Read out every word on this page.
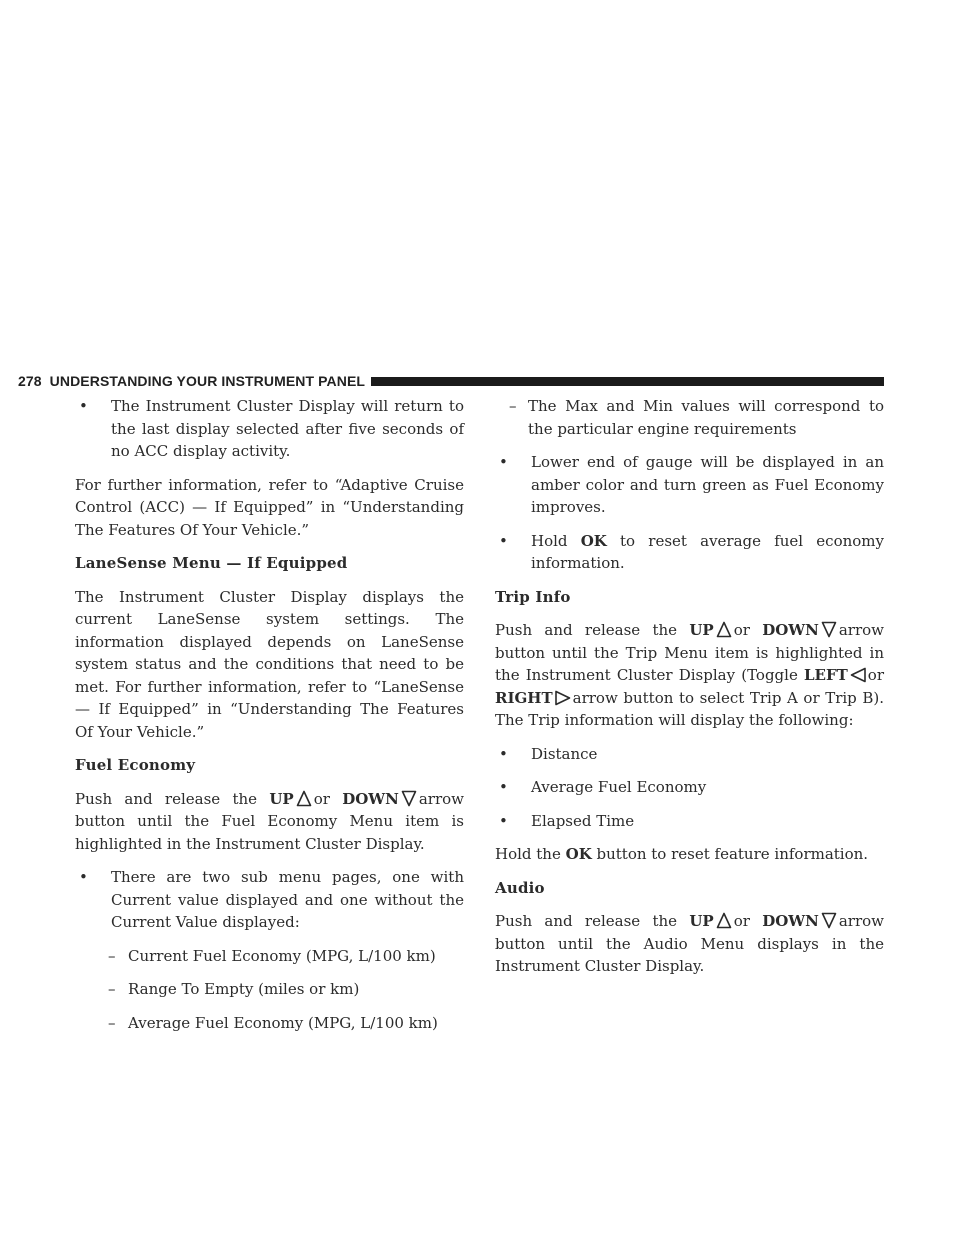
278 UNDERSTANDING YOUR INSTRUMENT PANEL
•	The Instrument Cluster Display will return to the last display selected after five seconds of no ACC display activity.

For further information, refer to “Adaptive Cruise Control (ACC) — If Equipped” in “Understanding The Features Of Your Vehicle.”

LaneSense Menu — If Equipped

The Instrument Cluster Display displays the current LaneSense system settings. The information displayed depends on LaneSense system status and the conditions that need to be met. For further information, refer to “LaneSense — If Equipped” in “Understanding The Features Of Your Vehicle.”

Fuel Economy

Push and release the UP or DOWN arrow button until the Fuel Economy Menu item is highlighted in the Instrument Cluster Display.

•	There are two sub menu pages, one with Current value displayed and one without the Current Value displayed:
– Current Fuel Economy (MPG, L/100 km)
– Range To Empty (miles or km)
– Average Fuel Economy (MPG, L/100 km)
– The Max and Min values will correspond to the particular engine requirements
•	Lower end of gauge will be displayed in an amber color and turn green as Fuel Economy improves.
•	Hold OK to reset average fuel economy information.
Trip Info

Push and release the UP or DOWN arrow button until the Trip Menu item is highlighted in the Instrument Cluster Display (Toggle LEFT or RIGHT arrow button to select Trip A or Trip B). The Trip information will display the following:

•	Distance
•	Average Fuel Economy
•	Elapsed Time

Hold the OK button to reset feature information.

Audio

Push and release the UP or DOWN arrow button until the Audio Menu displays in the Instrument Cluster Display.
